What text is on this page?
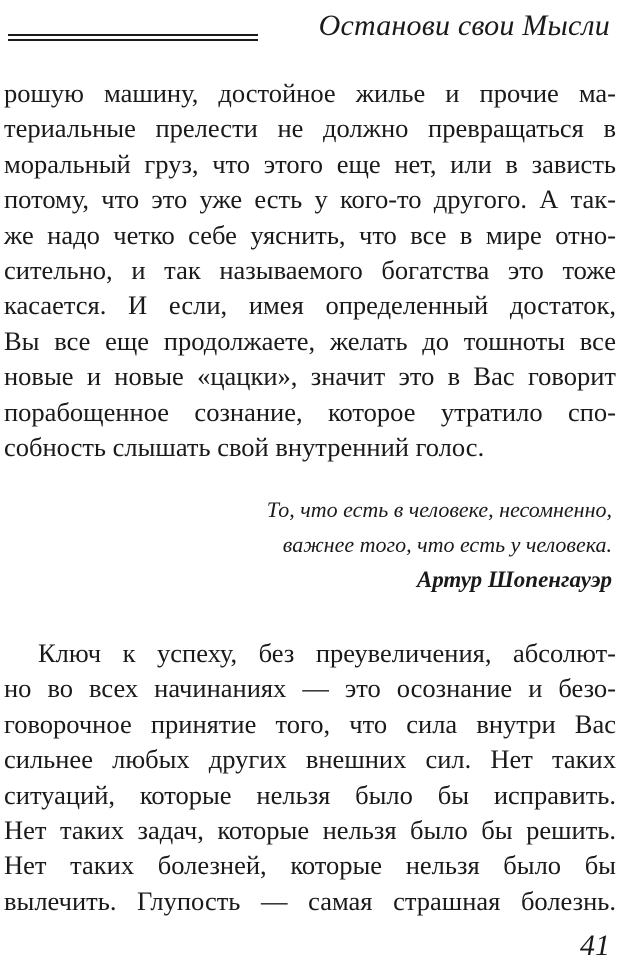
Останови свои Мысли
рошую машину, достойное жилье и прочие ма-
териальные прелести не должно превращаться в
моральный груз, что этого еще нет, или в зависть
потому, что это уже есть у кого-то другого. А так-
же надо четко себе уяснить, что все в мире отно-
сительно, и так называемого богатства это тоже
касается. И если, имея определенный достаток,
Вы все еще продолжаете, желать до тошноты все
новые и новые «цацки», значит это в Вас говорит
порабощенное сознание, которое утратило спо-
собность слышать свой внутренний голос.
То, что есть в человеке, несомненно,
важнее того, что есть у человека.
Артур Шопенгауэр
Ключ к успеху, без преувеличения, абсолют-
но во всех начинаниях — это осознание и безо-
говорочное принятие того, что сила внутри Вас
сильнее любых других внешних сил. Нет таких
ситуаций, которые нельзя было бы исправить.
Нет таких задач, которые нельзя было бы решить.
Нет таких болезней, которые нельзя было бы
вылечить. Глупость — самая страшная болезнь.
41
